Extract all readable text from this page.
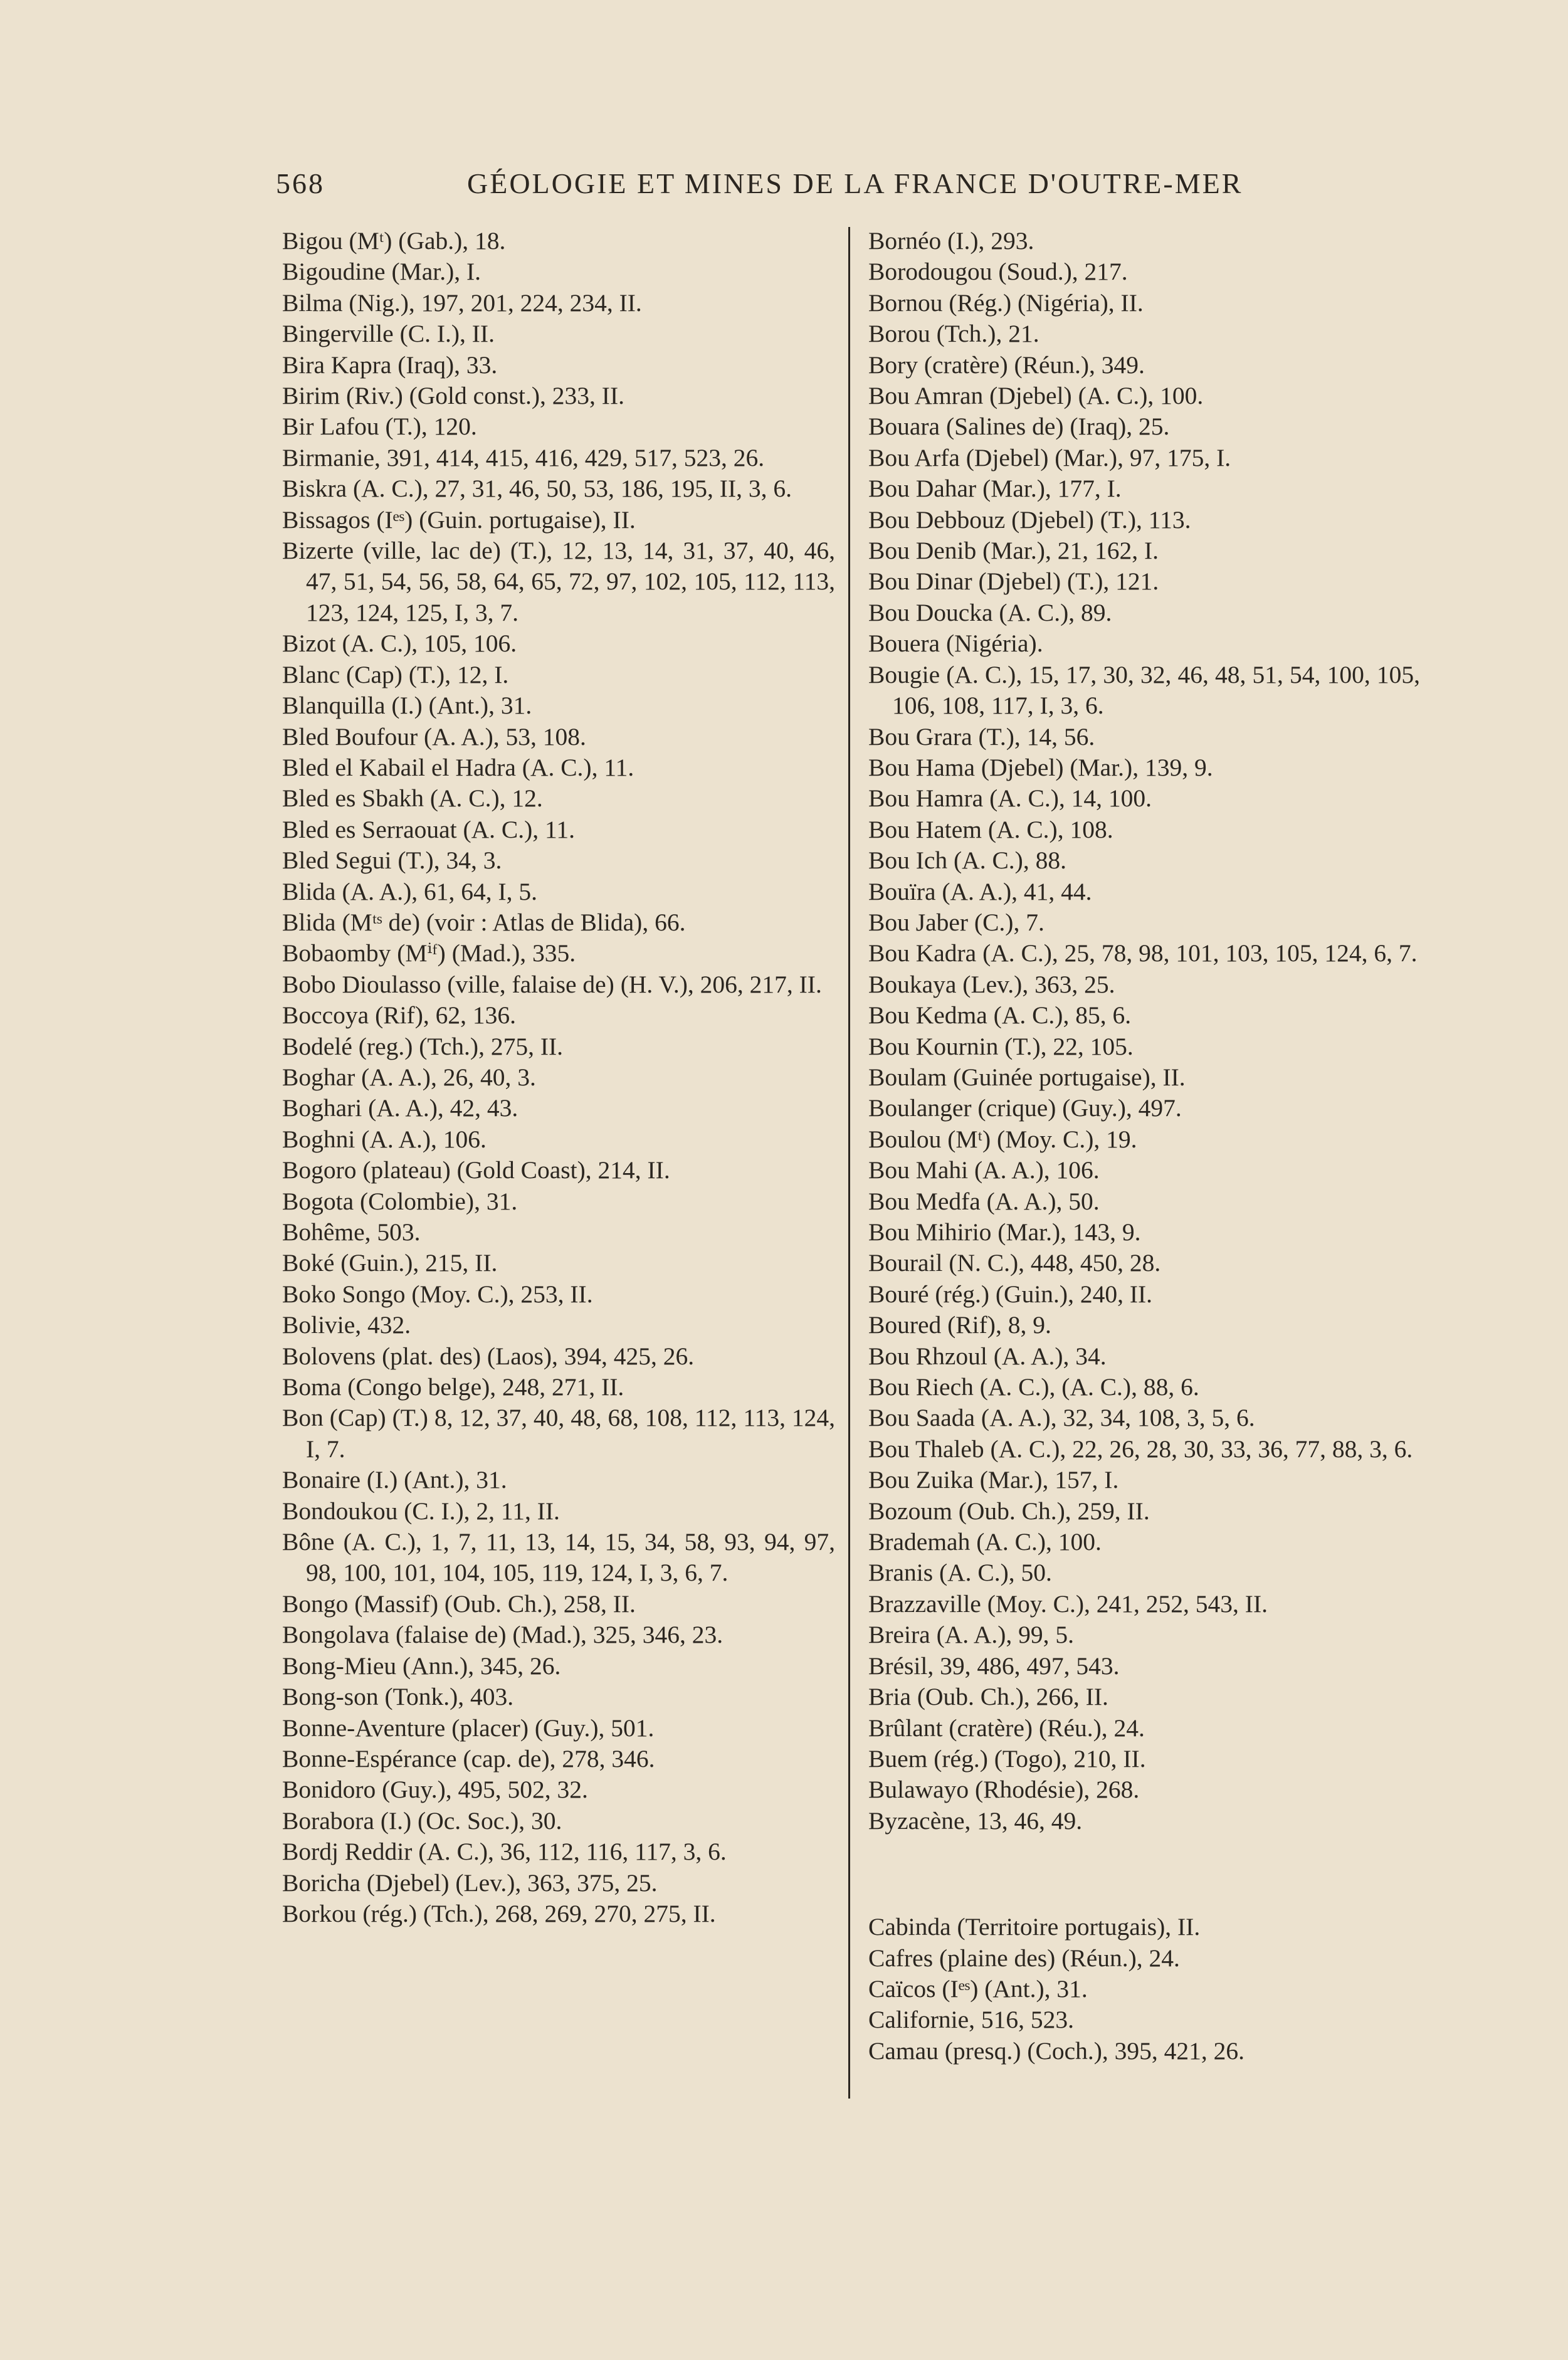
568	GÉOLOGIE ET MINES DE LA FRANCE D'OUTRE-MER
Bigou (Mᵗ) (Gab.), 18.
Bigoudine (Mar.), I.
Bilma (Nig.), 197, 201, 224, 234, II.
Bingerville (C. I.), II.
Bira Kapra (Iraq), 33.
Birim (Riv.) (Gold const.), 233, II.
Bir Lafou (T.), 120.
Birmanie, 391, 414, 415, 416, 429, 517, 523, 26.
Biskra (A. C.), 27, 31, 46, 50, 53, 186, 195, II, 3, 6.
Bissagos (Iᵉˢ) (Guin. portugaise), II.
Bizerte (ville, lac de) (T.), 12, 13, 14, 31, 37, 40, 46, 47, 51, 54, 56, 58, 64, 65, 72, 97, 102, 105, 112, 113, 123, 124, 125, I, 3, 7.
Bizot (A. C.), 105, 106.
Blanc (Cap) (T.), 12, I.
Blanquilla (I.) (Ant.), 31.
Bled Boufour (A. A.), 53, 108.
Bled el Kabail el Hadra (A. C.), 11.
Bled es Sbakh (A. C.), 12.
Bled es Serraouat (A. C.), 11.
Bled Segui (T.), 34, 3.
Blida (A. A.), 61, 64, I, 5.
Blida (Mᵗˢ de) (voir : Atlas de Blida), 66.
Bobaomby (Mⁱᶠ) (Mad.), 335.
Bobo Dioulasso (ville, falaise de) (H. V.), 206, 217, II.
Boccoya (Rif), 62, 136.
Bodelé (reg.) (Tch.), 275, II.
Boghar (A. A.), 26, 40, 3.
Boghari (A. A.), 42, 43.
Boghni (A. A.), 106.
Bogoro (plateau) (Gold Coast), 214, II.
Bogota (Colombie), 31.
Bohême, 503.
Boké (Guin.), 215, II.
Boko Songo (Moy. C.), 253, II.
Bolivie, 432.
Bolovens (plat. des) (Laos), 394, 425, 26.
Boma (Congo belge), 248, 271, II.
Bon (Cap) (T.) 8, 12, 37, 40, 48, 68, 108, 112, 113, 124, I, 7.
Bonaire (I.) (Ant.), 31.
Bondoukou (C. I.), 2, 11, II.
Bône (A. C.), 1, 7, 11, 13, 14, 15, 34, 58, 93, 94, 97, 98, 100, 101, 104, 105, 119, 124, I, 3, 6, 7.
Bongo (Massif) (Oub. Ch.), 258, II.
Bongolava (falaise de) (Mad.), 325, 346, 23.
Bong-Mieu (Ann.), 345, 26.
Bong-son (Tonk.), 403.
Bonne-Aventure (placer) (Guy.), 501.
Bonne-Espérance (cap. de), 278, 346.
Bonidoro (Guy.), 495, 502, 32.
Borabora (I.) (Oc. Soc.), 30.
Bordj Reddir (A. C.), 36, 112, 116, 117, 3, 6.
Boricha (Djebel) (Lev.), 363, 375, 25.
Borkou (rég.) (Tch.), 268, 269, 270, 275, II.
Bornéo (I.), 293.
Borodougou (Soud.), 217.
Bornou (Rég.) (Nigéria), II.
Borou (Tch.), 21.
Bory (cratère) (Réun.), 349.
Bou Amran (Djebel) (A. C.), 100.
Bouara (Salines de) (Iraq), 25.
Bou Arfa (Djebel) (Mar.), 97, 175, I.
Bou Dahar (Mar.), 177, I.
Bou Debbouz (Djebel) (T.), 113.
Bou Denib (Mar.), 21, 162, I.
Bou Dinar (Djebel) (T.), 121.
Bou Doucka (A. C.), 89.
Bouera (Nigéria).
Bougie (A. C.), 15, 17, 30, 32, 46, 48, 51, 54, 100, 105, 106, 108, 117, I, 3, 6.
Bou Grara (T.), 14, 56.
Bou Hama (Djebel) (Mar.), 139, 9.
Bou Hamra (A. C.), 14, 100.
Bou Hatem (A. C.), 108.
Bou Ich (A. C.), 88.
Bouïra (A. A.), 41, 44.
Bou Jaber (C.), 7.
Bou Kadra (A. C.), 25, 78, 98, 101, 103, 105, 124, 6, 7.
Boukaya (Lev.), 363, 25.
Bou Kedma (A. C.), 85, 6.
Bou Kournin (T.), 22, 105.
Boulam (Guinée portugaise), II.
Boulanger (crique) (Guy.), 497.
Boulou (Mᵗ) (Moy. C.), 19.
Bou Mahi (A. A.), 106.
Bou Medfa (A. A.), 50.
Bou Mihirio (Mar.), 143, 9.
Bourail (N. C.), 448, 450, 28.
Bouré (rég.) (Guin.), 240, II.
Boured (Rif), 8, 9.
Bou Rhzoul (A. A.), 34.
Bou Riech (A. C.), (A. C.), 88, 6.
Bou Saada (A. A.), 32, 34, 108, 3, 5, 6.
Bou Thaleb (A. C.), 22, 26, 28, 30, 33, 36, 77, 88, 3, 6.
Bou Zuika (Mar.), 157, I.
Bozoum (Oub. Ch.), 259, II.
Brademah (A. C.), 100.
Branis (A. C.), 50.
Brazzaville (Moy. C.), 241, 252, 543, II.
Breira (A. A.), 99, 5.
Brésil, 39, 486, 497, 543.
Bria (Oub. Ch.), 266, II.
Brûlant (cratère) (Réu.), 24.
Buem (rég.) (Togo), 210, II.
Bulawayo (Rhodésie), 268.
Byzacène, 13, 46, 49.
Cabinda (Territoire portugais), II.
Cafres (plaine des) (Réun.), 24.
Caïcos (Iᵉˢ) (Ant.), 31.
Californie, 516, 523.
Camau (presq.) (Coch.), 395, 421, 26.
